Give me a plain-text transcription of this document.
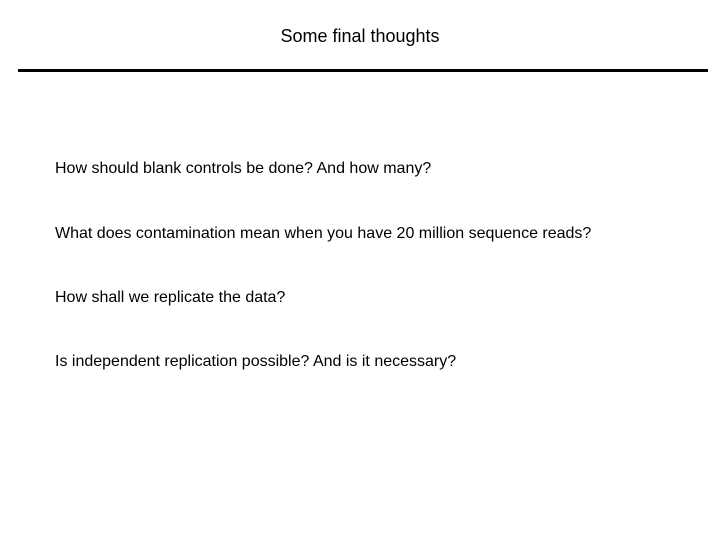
Some final thoughts
How should blank controls be done? And how many?
What does contamination mean when you have 20 million sequence reads?
How shall we replicate the data?
Is independent replication possible? And is it necessary?
